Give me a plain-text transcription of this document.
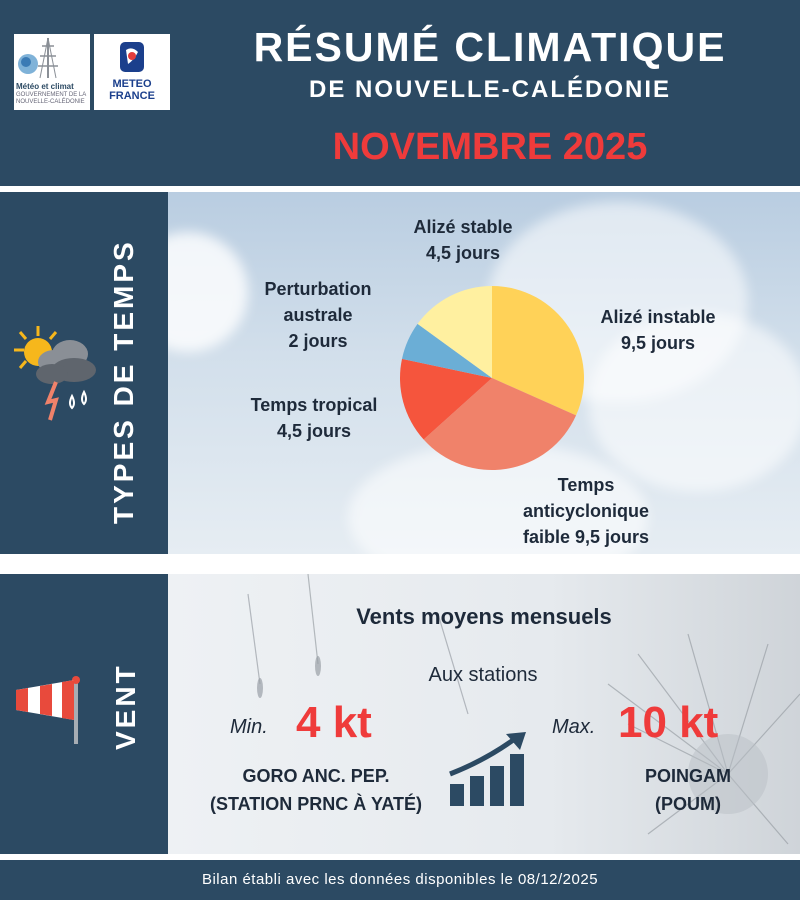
Météo et climat
GOUVERNEMENT DE LA NOUVELLE-CALÉDONIE
METEO
FRANCE
RÉSUMÉ CLIMATIQUE
DE NOUVELLE-CALÉDONIE
NOVEMBRE 2025
TYPES DE TEMPS
Alizé stable
4,5 jours
Perturbation
australe
2 jours
Alizé instable
9,5 jours
Temps tropical
4,5 jours
Temps
anticyclonique
faible 9,5 jours
VENT
Vents moyens mensuels
Aux stations
Min. 4 kt
GORO ANC. PEP.
(STATION PRNC À YATÉ)
Max. 10 kt
POINGAM
(POUM)
Bilan établi avec les données disponibles le 08/12/2025
